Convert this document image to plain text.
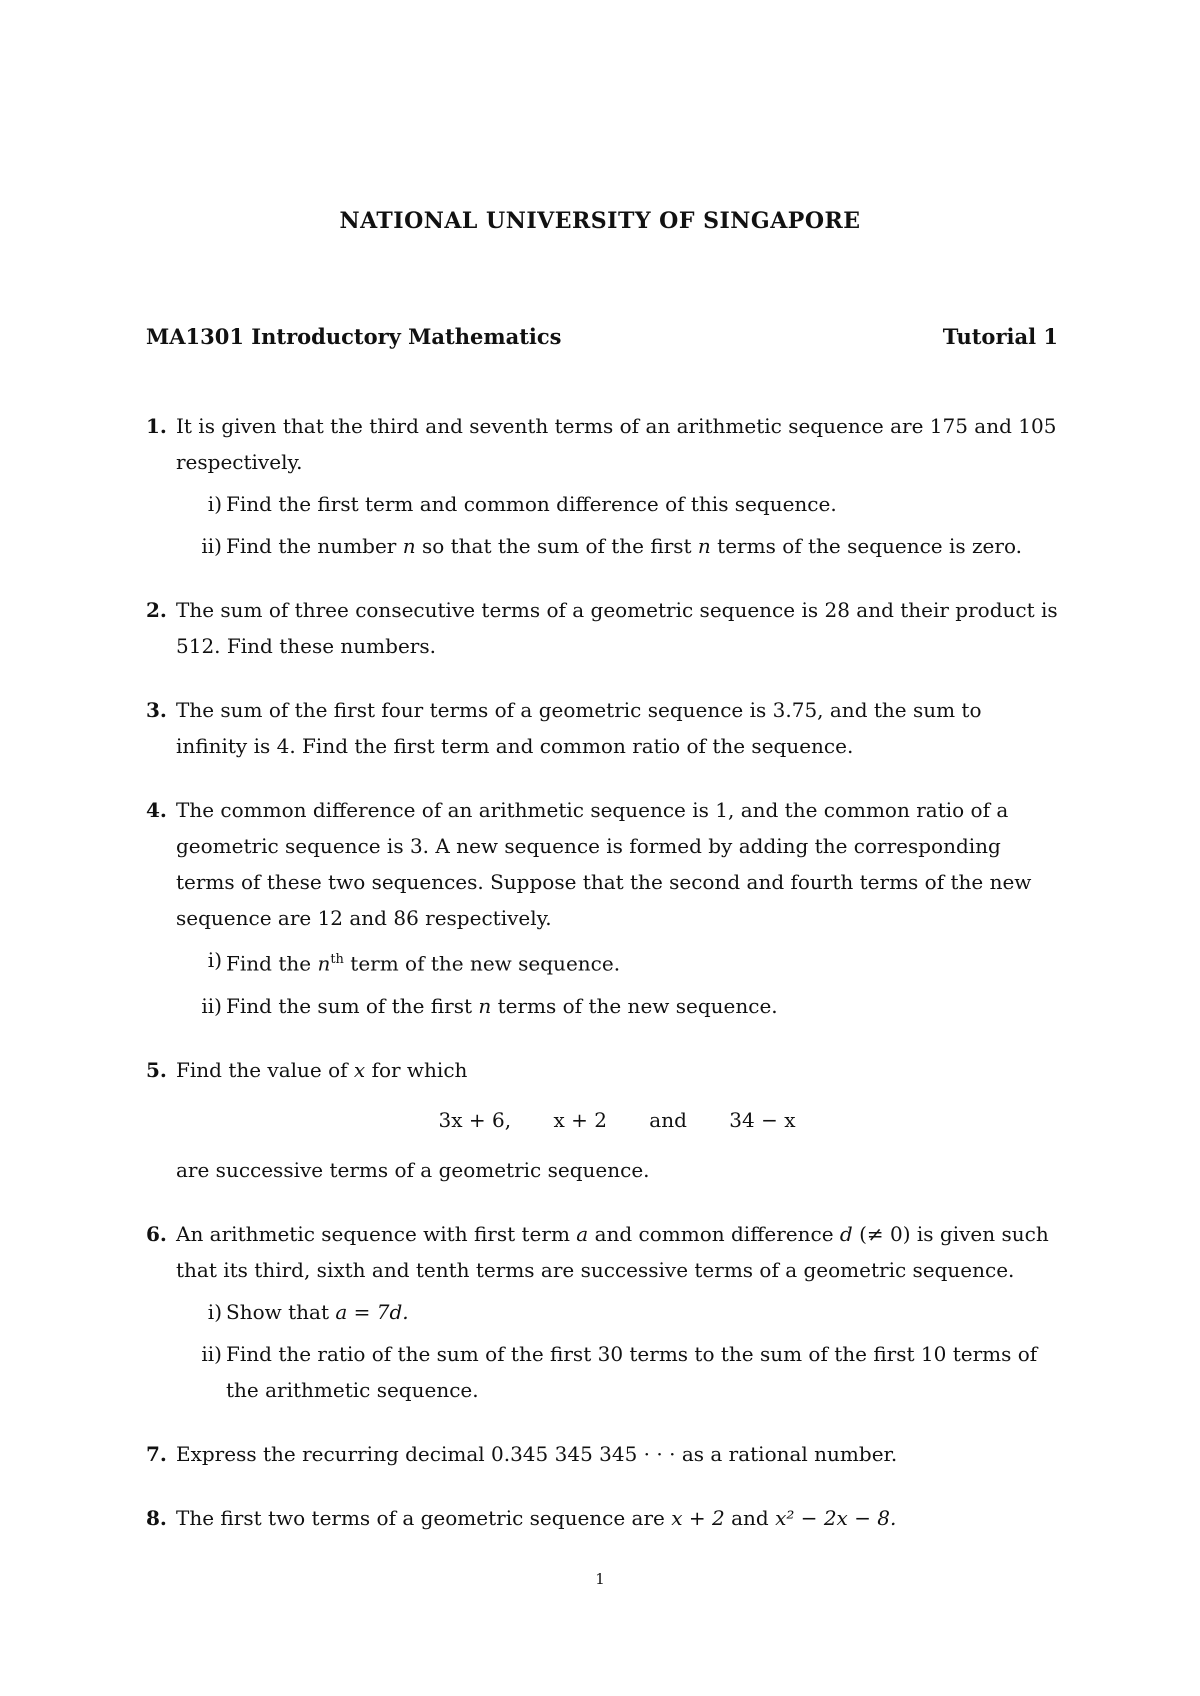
NATIONAL UNIVERSITY OF SINGAPORE
MA1301 Introductory Mathematics	Tutorial 1
1. It is given that the third and seventh terms of an arithmetic sequence are 175 and 105 respectively.
i) Find the first term and common difference of this sequence.
ii) Find the number n so that the sum of the first n terms of the sequence is zero.
2. The sum of three consecutive terms of a geometric sequence is 28 and their product is 512. Find these numbers.
3. The sum of the first four terms of a geometric sequence is 3.75, and the sum to infinity is 4. Find the first term and common ratio of the sequence.
4. The common difference of an arithmetic sequence is 1, and the common ratio of a geometric sequence is 3. A new sequence is formed by adding the corresponding terms of these two sequences. Suppose that the second and fourth terms of the new sequence are 12 and 86 respectively.
i) Find the $n^{th}$ term of the new sequence.
ii) Find the sum of the first n terms of the new sequence.
5. Find the value of x for which
3x + 6, x + 2 and 34 − x
are successive terms of a geometric sequence.
6. An arithmetic sequence with first term a and common difference d (≠ 0) is given such that its third, sixth and tenth terms are successive terms of a geometric sequence.
i) Show that a = 7d.
ii) Find the ratio of the sum of the first 30 terms to the sum of the first 10 terms of the arithmetic sequence.
7. Express the recurring decimal 0.345 345 345 · · · as a rational number.
8. The first two terms of a geometric sequence are x + 2 and x² − 2x − 8.
1
